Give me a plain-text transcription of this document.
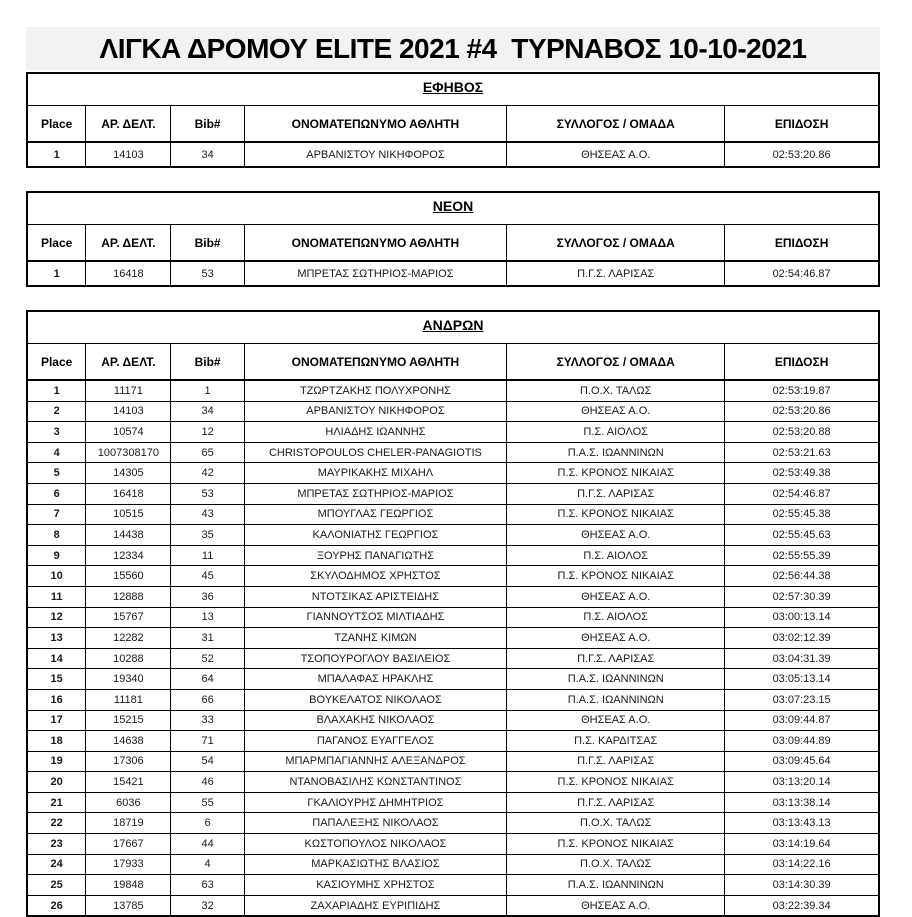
ΛΙΓΚΑ ΔΡΟΜΟΥ ELITE 2021 #4  ΤΥΡΝΑΒΟΣ 10-10-2021
ΕΦΗΒΟΣ					
Place	ΑΡ. ΔΕΛΤ.	Bib#	ΟΝΟΜΑΤΕΠΩΝΥΜΟ ΑΘΛΗΤΗ	ΣΥΛΛΟΓΟΣ / ΟΜΑΔΑ	ΕΠΙΔΟΣΗ
1	14103	34	ΑΡΒΑΝΙΣΤΟΥ ΝΙΚΗΦΟΡΟΣ	ΘΗΣΕΑΣ Α.Ο.	02:53:20.86
ΝΕΟΝ					
Place	ΑΡ. ΔΕΛΤ.	Bib#	ΟΝΟΜΑΤΕΠΩΝΥΜΟ ΑΘΛΗΤΗ	ΣΥΛΛΟΓΟΣ / ΟΜΑΔΑ	ΕΠΙΔΟΣΗ
1	16418	53	ΜΠΡΕΤΑΣ ΣΩΤΗΡΙΟΣ-ΜΑΡΙΟΣ	Π.Γ.Σ. ΛΑΡΙΣΑΣ	02:54:46.87
ΑΝΔΡΩΝ					
Place	ΑΡ. ΔΕΛΤ.	Bib#	ΟΝΟΜΑΤΕΠΩΝΥΜΟ ΑΘΛΗΤΗ	ΣΥΛΛΟΓΟΣ / ΟΜΑΔΑ	ΕΠΙΔΟΣΗ
1	11171	1	ΤΖΩΡΤΖΑΚΗΣ ΠΟΛΥΧΡΟΝΗΣ	Π.Ο.Χ. ΤΑΛΩΣ	02:53:19.87
2	14103	34	ΑΡΒΑΝΙΣΤΟΥ ΝΙΚΗΦΟΡΟΣ	ΘΗΣΕΑΣ Α.Ο.	02:53:20.86
3	10574	12	ΗΛΙΑΔΗΣ ΙΩΑΝΝΗΣ	Π.Σ. ΑΙΟΛΟΣ	02:53:20.88
4	1007308170	65	CHRISTOPOULOS CHELER-PANAGIOTIS	Π.Α.Σ. ΙΩΑΝΝΙΝΩΝ	02:53:21.63
5	14305	42	ΜΑΥΡΙΚΑΚΗΣ ΜΙΧΑΗΛ	Π.Σ. ΚΡΟΝΟΣ ΝΙΚΑΙΑΣ	02:53:49.38
6	16418	53	ΜΠΡΕΤΑΣ ΣΩΤΗΡΙΟΣ-ΜΑΡΙΟΣ	Π.Γ.Σ. ΛΑΡΙΣΑΣ	02:54:46.87
7	10515	43	ΜΠΟΥΓΛΑΣ ΓΕΩΡΓΙΟΣ	Π.Σ. ΚΡΟΝΟΣ ΝΙΚΑΙΑΣ	02:55:45.38
8	14438	35	ΚΑΛΟΝΙΑΤΗΣ ΓΕΩΡΓΙΟΣ	ΘΗΣΕΑΣ Α.Ο.	02:55:45.63
9	12334	11	ΞΟΥΡΗΣ ΠΑΝΑΓΙΩΤΗΣ	Π.Σ. ΑΙΟΛΟΣ	02:55:55.39
10	15560	45	ΣΚΥΛΟΔΗΜΟΣ ΧΡΗΣΤΟΣ	Π.Σ. ΚΡΟΝΟΣ ΝΙΚΑΙΑΣ	02:56:44.38
11	12888	36	ΝΤΟΤΣΙΚΑΣ ΑΡΙΣΤΕΙΔΗΣ	ΘΗΣΕΑΣ Α.Ο.	02:57:30.39
12	15767	13	ΓΙΑΝΝΟΥΤΣΟΣ ΜΙΛΤΙΑΔΗΣ	Π.Σ. ΑΙΟΛΟΣ	03:00:13.14
13	12282	31	ΤΖΑΝΗΣ ΚΙΜΩΝ	ΘΗΣΕΑΣ Α.Ο.	03:02:12.39
14	10288	52	ΤΣΟΠΟΥΡΟΓΛΟΥ ΒΑΣΙΛΕΙΟΣ	Π.Γ.Σ. ΛΑΡΙΣΑΣ	03:04:31.39
15	19340	64	ΜΠΑΛΑΦΑΣ ΗΡΑΚΛΗΣ	Π.Α.Σ. ΙΩΑΝΝΙΝΩΝ	03:05:13.14
16	11181	66	ΒΟΥΚΕΛΑΤΟΣ ΝΙΚΟΛΑΟΣ	Π.Α.Σ. ΙΩΑΝΝΙΝΩΝ	03:07:23.15
17	15215	33	ΒΛΑΧΑΚΗΣ ΝΙΚΟΛΑΟΣ	ΘΗΣΕΑΣ Α.Ο.	03:09:44.87
18	14638	71	ΠΑΓΑΝΟΣ ΕΥΑΓΓΕΛΟΣ	Π.Σ. ΚΑΡΔΙΤΣΑΣ	03:09:44.89
19	17306	54	ΜΠΑΡΜΠΑΓΙΑΝΝΗΣ ΑΛΕΞΑΝΔΡΟΣ	Π.Γ.Σ. ΛΑΡΙΣΑΣ	03:09:45.64
20	15421	46	ΝΤΑΝΟΒΑΣΙΛΗΣ ΚΩΝΣΤΑΝΤΙΝΟΣ	Π.Σ. ΚΡΟΝΟΣ ΝΙΚΑΙΑΣ	03:13:20.14
21	6036	55	ΓΚΑΛΙΟΥΡΗΣ ΔΗΜΗΤΡΙΟΣ	Π.Γ.Σ. ΛΑΡΙΣΑΣ	03:13:38.14
22	18719	6	ΠΑΠΑΛΕΞΗΣ ΝΙΚΟΛΑΟΣ	Π.Ο.Χ. ΤΑΛΩΣ	03:13:43.13
23	17667	44	ΚΩΣΤΟΠΟΥΛΟΣ ΝΙΚΟΛΑΟΣ	Π.Σ. ΚΡΟΝΟΣ ΝΙΚΑΙΑΣ	03:14:19.64
24	17933	4	ΜΑΡΚΑΣΙΩΤΗΣ ΒΛΑΣΙΟΣ	Π.Ο.Χ. ΤΑΛΩΣ	03:14:22.16
25	19848	63	ΚΑΣΙΟΥΜΗΣ ΧΡΗΣΤΟΣ	Π.Α.Σ. ΙΩΑΝΝΙΝΩΝ	03:14:30.39
26	13785	32	ΖΑΧΑΡΙΑΔΗΣ ΕΥΡΙΠΙΔΗΣ	ΘΗΣΕΑΣ Α.Ο.	03:22:39.34
